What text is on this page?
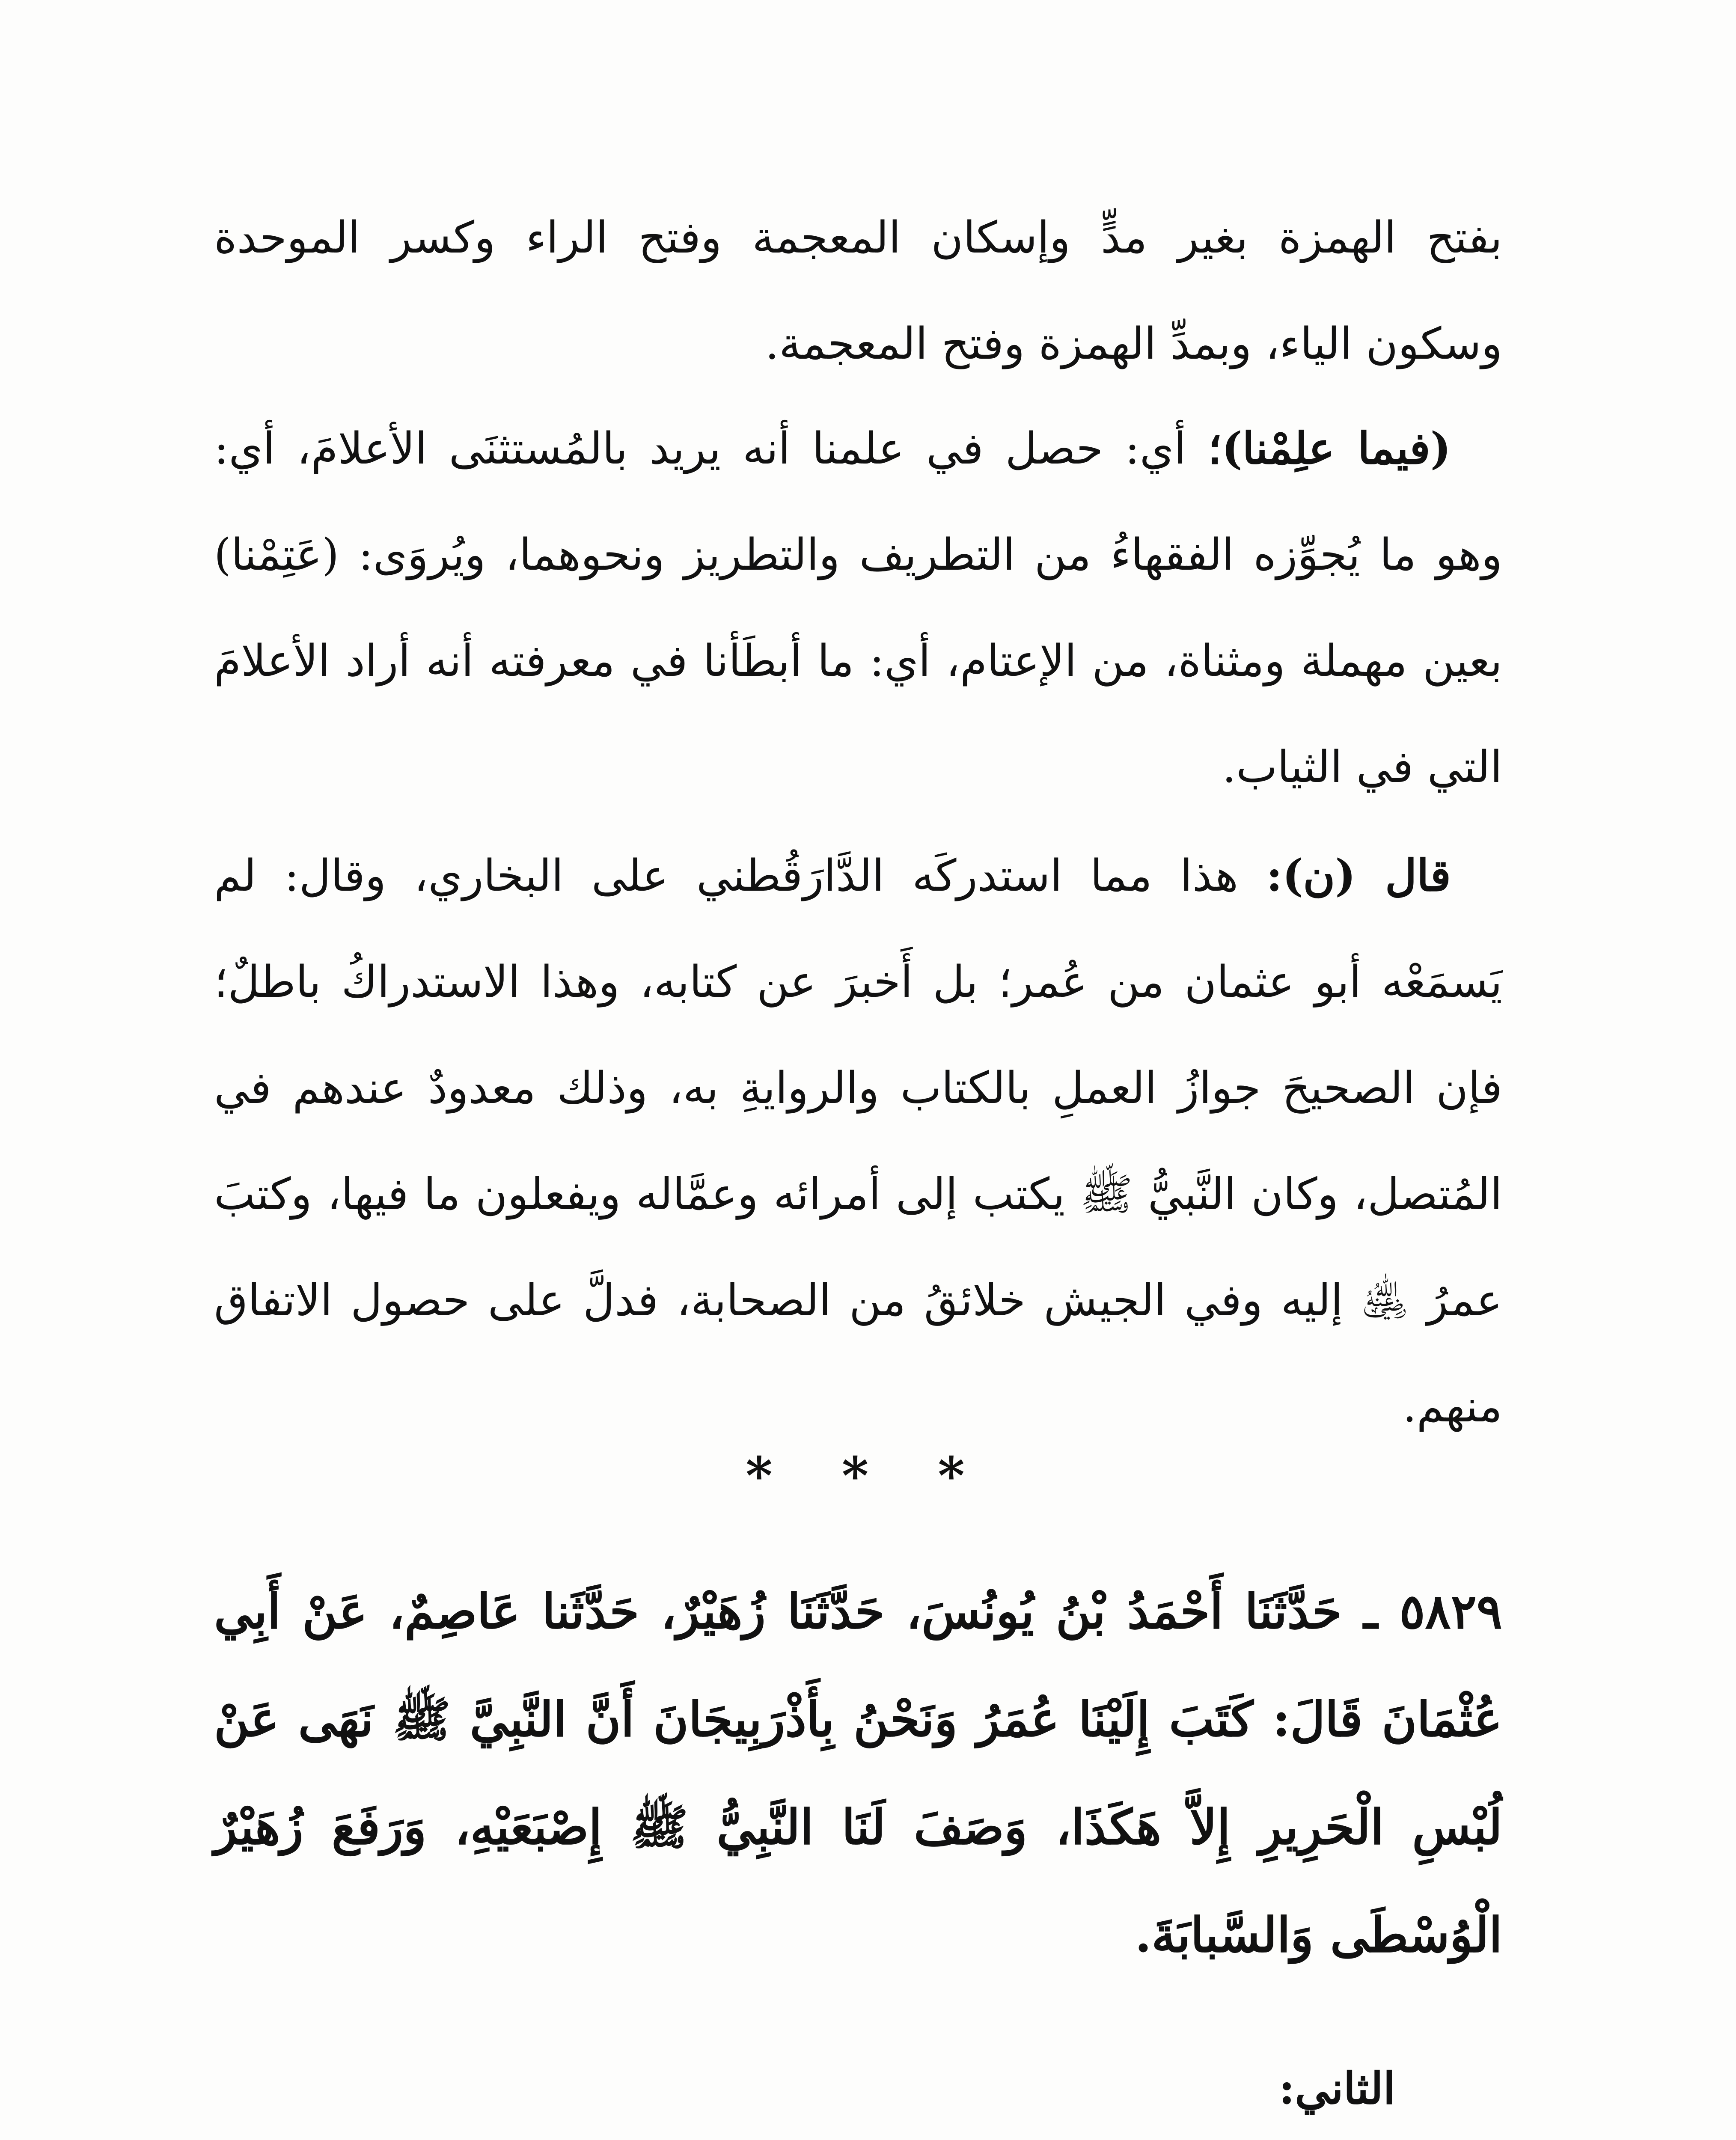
بفتح الهمزة بغير مدٍّ وإسكان المعجمة وفتح الراء وكسر الموحدة وسكون الياء، وبمدِّ الهمزة وفتح المعجمة.

(فيما علِمْنا)؛ أي: حصل في علمنا أنه يريد بالمُستثنَى الأعلامَ، أي: وهو ما يُجوِّزه الفقهاءُ من التطريف والتطريز ونحوهما، ويُروَى: (عَتِمْنا) بعين مهملة ومثناة، من الإعتام، أي: ما أبطَأنا في معرفته أنه أراد الأعلامَ التي في الثياب.

قال (ن): هذا مما استدركَه الدَّارَقُطني على البخاري، وقال: لم يَسمَعْه أبو عثمان من عُمر؛ بل أَخبرَ عن كتابه، وهذا الاستدراكُ باطلٌ؛ فإن الصحيحَ جوازُ العملِ بالكتاب والروايةِ به، وذلك معدودٌ عندهم في المُتصل، وكان النَّبيُّ ﷺ يكتب إلى أمرائه وعمَّاله ويفعلون ما فيها، وكتبَ عمرُ ﵁ إليه وفي الجيش خلائقُ من الصحابة، فدلَّ على حصول الاتفاق منهم.

* * *

٥٨٢٩ ـ حَدَّثَنَا أَحْمَدُ بْنُ يُونُسَ، حَدَّثَنَا زُهَيْرٌ، حَدَّثَنا عَاصِمٌ، عَنْ أَبِي عُثْمَانَ قَالَ: كَتَبَ إِلَيْنَا عُمَرُ وَنَحْنُ بِأَذْرَبِيجَانَ أَنَّ النَّبِيَّ ﷺ نَهَى عَنْ لُبْسِ الْحَرِيرِ إِلاَّ هَكَذَا، وَصَفَ لَنَا النَّبِيُّ ﷺ إِصْبَعَيْهِ، وَرَفَعَ زُهَيْرٌ الْوُسْطَى وَالسَّبابَةَ.

الثاني:
